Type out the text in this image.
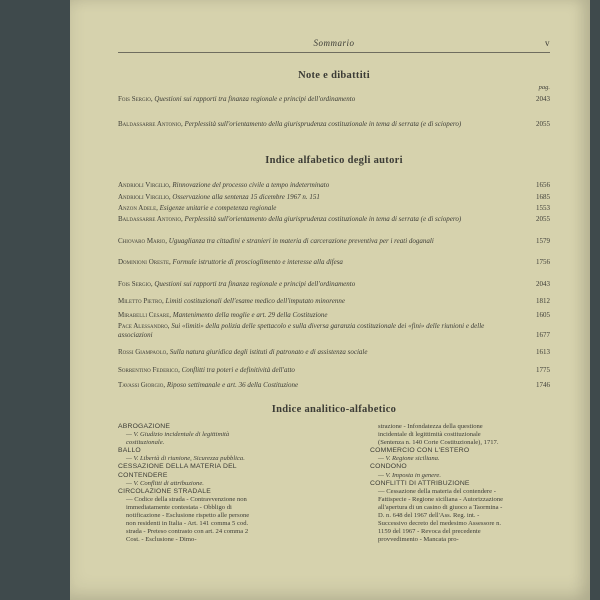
Sommario	v
Note e dibattiti
pag.
Indice alfabetico degli autori
Indice analitico-alfabetico
ABROGAZIONE
— V. Giudizio incidentale di legittimità costituzionale.
BALLO
— V. Libertà di riunione, Sicurezza pubblica.
CESSAZIONE DELLA MATERIA DEL CONTENDERE
— V. Conflitti di attribuzione.
CIRCOLAZIONE STRADALE
— Codice della strada - Contravvenzione non immediatamente contestata - Obbligo di notificazione - Esclusione rispetto alle persone non residenti in Italia - Art. 141 comma 5 cod. strada - Preteso contrasto con art. 24 comma 2 Cost. - Esclusione - Dimo-
strazione - Infondatezza della questione incidentale di legittimità costituzionale (Sentenza n. 140 Corte Costituzionale), 1717.
COMMERCIO CON L'ESTERO
— V. Regione siciliana.
CONDONO
— V. Imposta in genere.
CONFLITTI DI ATTRIBUZIONE
— Cessazione della materia del contendere - Fattispecie - Regione siciliana - Autorizzazione all'apertura di un casino di giuoco a Taormina - D. n. 648 del 1967 dell'Ass. Reg. int. - Successivo decreto del medesimo Assessore n. 1159 del 1967 - Revoca del precedente provvedimento - Mancata pro-
Fois Sergio, Questioni sui rapporti tra finanza regionale e principi dell'ordinamento	2043
Baldassarre Antonio, Perplessità sull'orientamento della giurisprudenza costituzionale in tema di serrata (e di sciopero)	2055
Andrioli Virgilio, Rinnovazione del processo civile a tempo indeterminato	1656
Andrioli Virgilio, Osservazione alla sentenza 15 dicembre 1967 n. 151	1685
Anzon Adele, Esigenze unitarie e competenza regionale	1553
Baldassarre Antonio, Perplessità sull'orientamento della giurisprudenza costituzionale in tema di serrata (e di sciopero)	2055
Chiovaro Mario, Uguaglianza tra cittadini e stranieri in materia di carcerazione preventiva per i reati doganali	1579
Dominioni Oreste, Formule istruttorie di proscioglimento e interesse alla difesa	1756
Fois Sergio, Questioni sui rapporti tra finanza regionale e principi dell'ordinamento	2043
Miletto Pietro, Limiti costituzionali dell'esame medico dell'imputato minorenne	1812
Mirabelli Cesare, Mantenimento della moglie e art. 29 della Costituzione	1605
Pace Alessandro, Sui «limiti» della polizia delle spettacolo e sulla diversa garanzia costituzionale dei «fini» delle riunioni e delle associazioni	1677
Rossi Giampaolo, Sulla natura giuridica degli istituti di patronato e di assistenza sociale	1613
Sorrentino Federico, Conflitti tra poteri e definitività dell'atto	1775
Tavassi Giorgio, Riposo settimanale e art. 36 della Costituzione	1746
